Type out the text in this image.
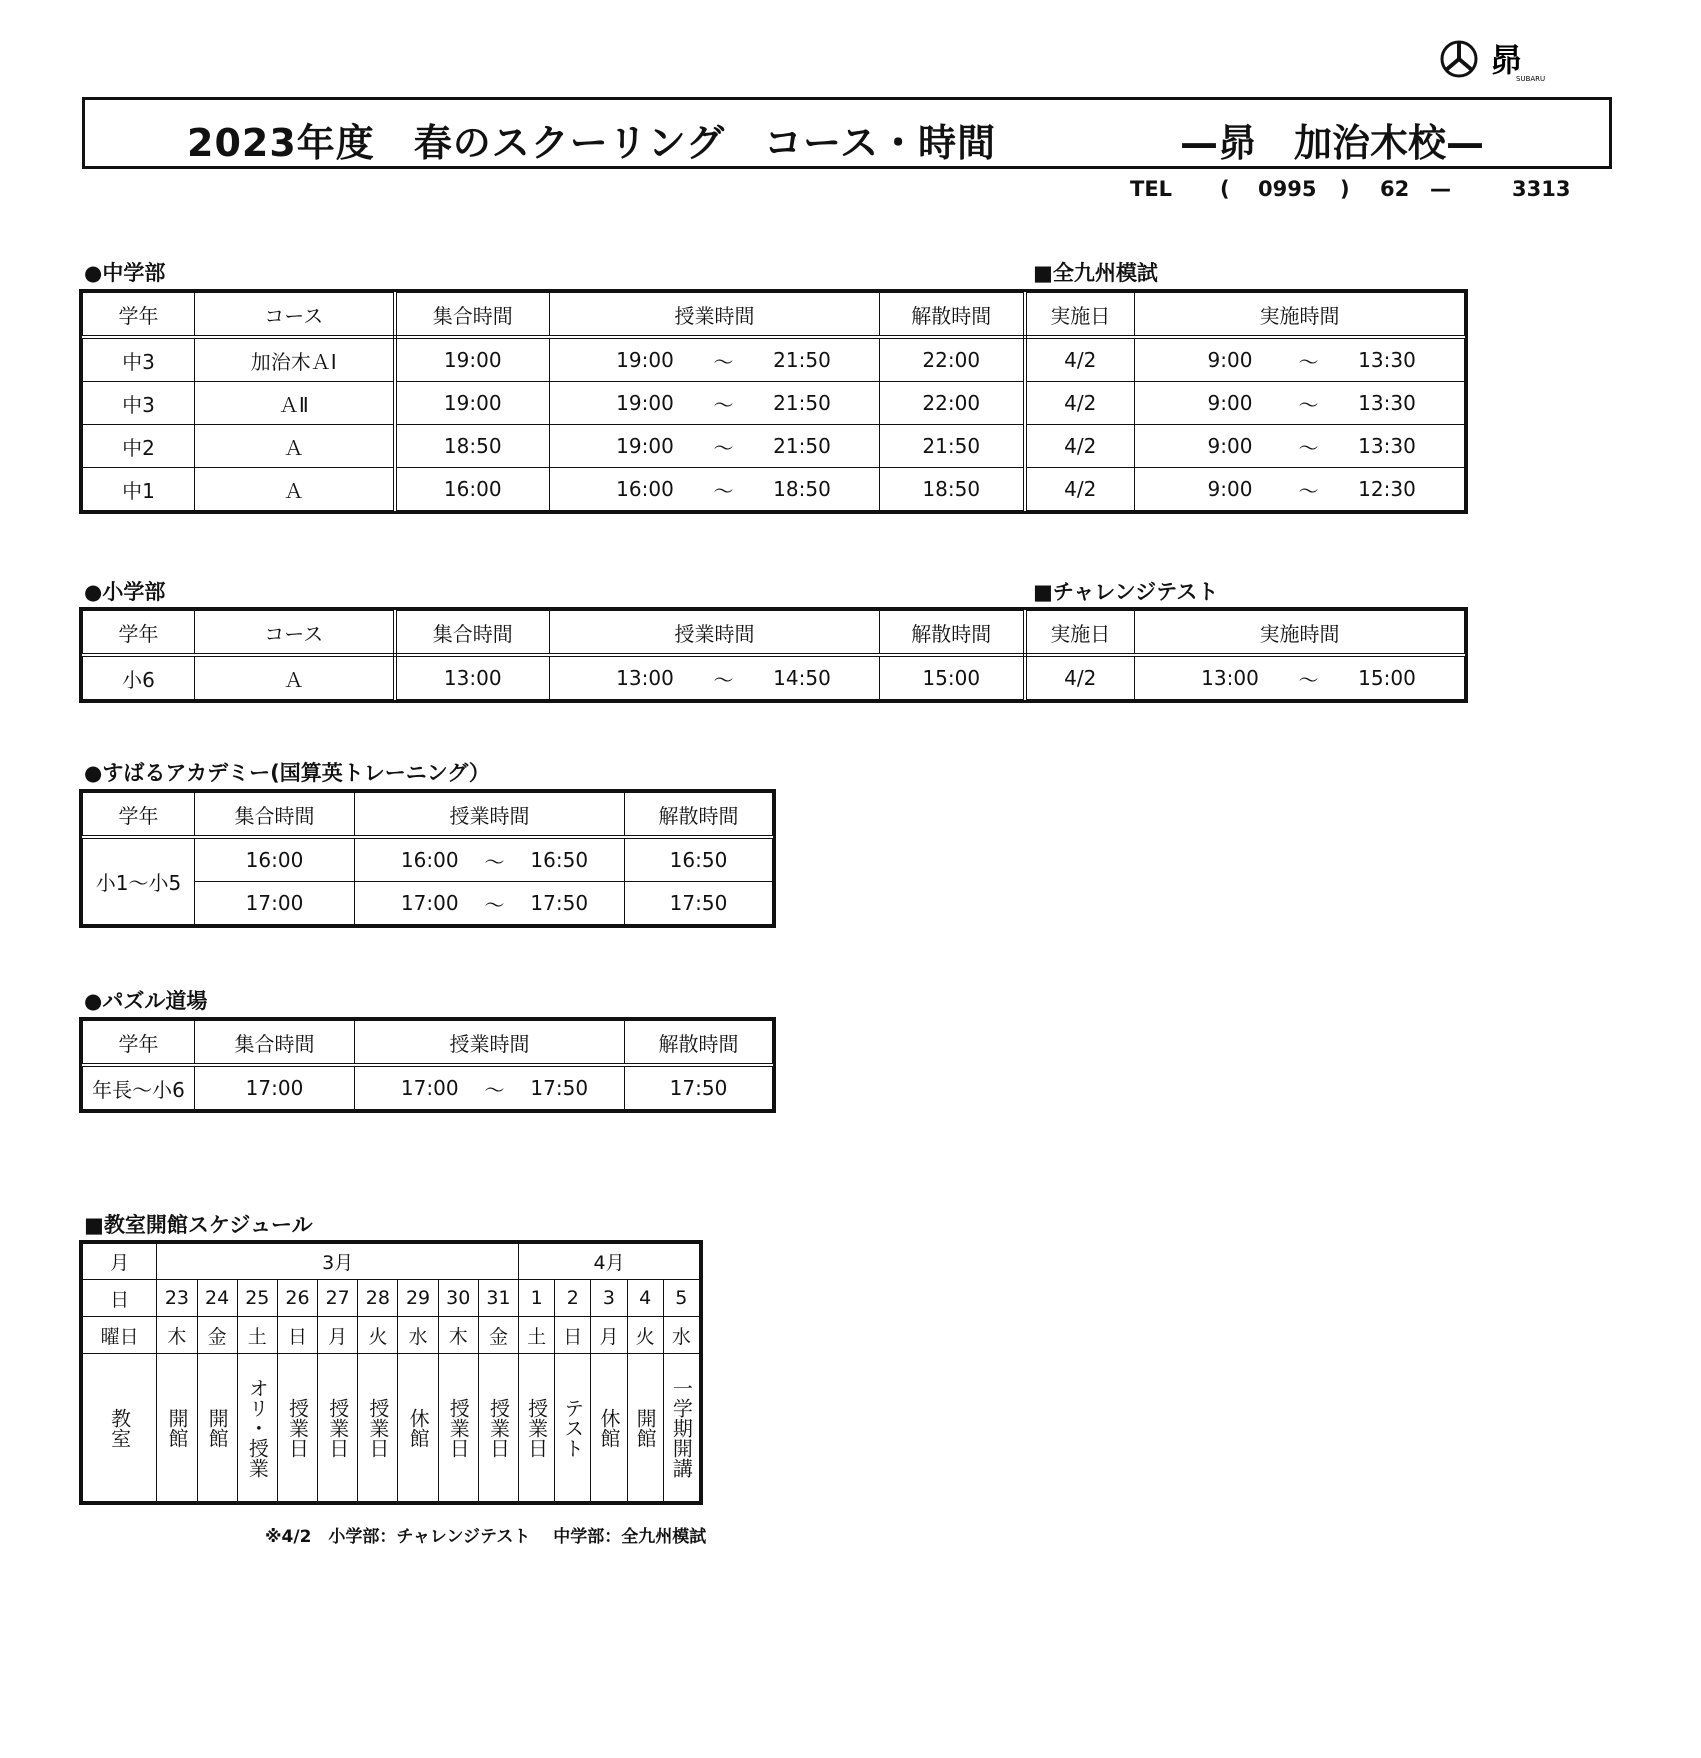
昴
SUBARU
2023年度　春のスクーリング　コース・時間	—昴　加治木校—
TEL ( 0995 ) 62 —	3313
●中学部	■全九州模試
学年	コース	集合時間	授業時間	解散時間	実施日	実施時間
中3	加治木ＡⅠ	19:00	19:00 ～ 21:50	22:00	4/2	9:00 ～ 13:30

中3	ＡⅡ	19:00	19:00 ～ 21:50	22:00	4/2	9:00 ～ 13:30

中2	Ａ	18:50	19:00 ～ 21:50	21:50	4/2	9:00 ～ 13:30

中1	Ａ	16:00	16:00 ～ 18:50	18:50	4/2	9:00 ～ 12:30
●小学部	■チャレンジテスト
学年	コース	集合時間	授業時間	解散時間	実施日	実施時間
小6	Ａ	13:00	13:00 ～ 14:50	15:00	4/2	13:00 ～ 15:00
●すばるアカデミー(国算英トレーニング）
学年	集合時間	授業時間	解散時間
小1～小5	16:00	16:00 ～ 16:50	16:50
	17:00	17:00 ～ 17:50	17:50
●パズル道場
学年	集合時間	授業時間	解散時間
年長～小6	17:00	17:00 ～ 17:50	17:50
■教室開館スケジュール
月	3月									4月				
日	23	24	25	26	27	28	29	30	31	1	2	3	4	5
曜日	木	金	土	日	月	火	水	木	金	土	日	月	火	水

教室	開館	開館	オリ・授業	授業日	授業日	授業日	休館	授業日	授業日	授業日	テスト	休館	開館	一学期開講
※4/2　小学部：チャレンジテスト　 中学部：全九州模試
